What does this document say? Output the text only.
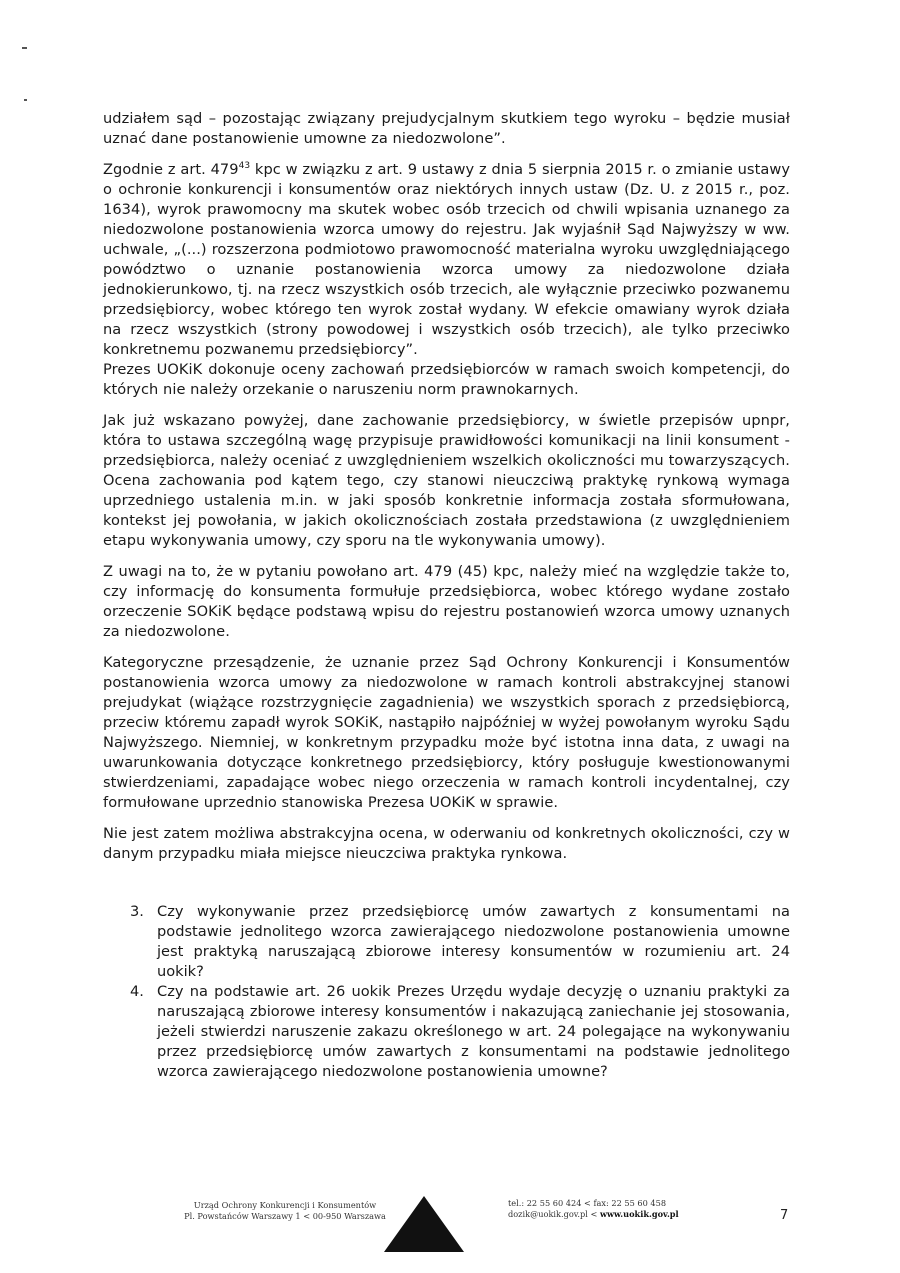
udziałem sąd – pozostając związany prejudycjalnym skutkiem tego wyroku – będzie musiał uznać dane postanowienie umowne za niedozwolone”.

Zgodnie z art. $479^{43}$ kpc w związku z art. 9 ustawy z dnia 5 sierpnia 2015 r. o zmianie ustawy o ochronie konkurencji i konsumentów oraz niektórych innych ustaw (Dz. U. z 2015 r., poz. 1634), wyrok prawomocny ma skutek wobec osób trzecich od chwili wpisania uznanego za niedozwolone postanowienia wzorca umowy do rejestru. Jak wyjaśnił Sąd Najwyższy w ww. uchwale, „(...) rozszerzona podmiotowo prawomocność materialna wyroku uwzględniającego powództwo o uznanie postanowienia wzorca umowy za niedozwolone działa jednokierunkowo, tj. na rzecz wszystkich osób trzecich, ale wyłącznie przeciwko pozwanemu przedsiębiorcy, wobec którego ten wyrok został wydany. W efekcie omawiany wyrok działa na rzecz wszystkich (strony powodowej i wszystkich osób trzecich), ale tylko przeciwko konkretnemu pozwanemu przedsiębiorcy”.

Prezes UOKiK dokonuje oceny zachowań przedsiębiorców w ramach swoich kompetencji, do których nie należy orzekanie o naruszeniu norm prawnokarnych.

Jak już wskazano powyżej, dane zachowanie przedsiębiorcy, w świetle przepisów upnpr, która to ustawa szczególną wagę przypisuje prawidłowości komunikacji na linii konsument - przedsiębiorca, należy oceniać z uwzględnieniem wszelkich okoliczności mu towarzyszących. Ocena zachowania pod kątem tego, czy stanowi nieuczciwą praktykę rynkową wymaga uprzedniego ustalenia m.in. w jaki sposób konkretnie informacja została sformułowana, kontekst jej powołania, w jakich okolicznościach została przedstawiona (z uwzględnieniem etapu wykonywania umowy, czy sporu na tle wykonywania umowy).

Z uwagi na to, że w pytaniu powołano art. 479 (45) kpc, należy mieć na względzie także to, czy informację do konsumenta formułuje przedsiębiorca, wobec którego wydane zostało orzeczenie SOKiK będące podstawą wpisu do rejestru postanowień wzorca umowy uznanych za niedozwolone.

Kategoryczne przesądzenie, że uznanie przez Sąd Ochrony Konkurencji i Konsumentów postanowienia wzorca umowy za niedozwolone w ramach kontroli abstrakcyjnej stanowi prejudykat (wiążące rozstrzygnięcie zagadnienia) we wszystkich sporach z przedsiębiorcą, przeciw któremu zapadł wyrok SOKiK, nastąpiło najpóźniej w wyżej powołanym wyroku Sądu Najwyższego. Niemniej, w konkretnym przypadku może być istotna inna data, z uwagi na uwarunkowania dotyczące konkretnego przedsiębiorcy, który posługuje kwestionowanymi stwierdzeniami, zapadające wobec niego orzeczenia w ramach kontroli incydentalnej, czy formułowane uprzednio stanowiska Prezesa UOKiK w sprawie.

Nie jest zatem możliwa abstrakcyjna ocena, w oderwaniu od konkretnych okoliczności, czy w danym przypadku miała miejsce nieuczciwa praktyka rynkowa.

3. Czy wykonywanie przez przedsiębiorcę umów zawartych z konsumentami na podstawie jednolitego wzorca zawierającego niedozwolone postanowienia umowne jest praktyką naruszającą zbiorowe interesy konsumentów w rozumieniu art. 24 uokik?
4. Czy na podstawie art. 26 uokik Prezes Urzędu wydaje decyzję o uznaniu praktyki za naruszającą zbiorowe interesy konsumentów i nakazującą zaniechanie jej stosowania, jeżeli stwierdzi naruszenie zakazu określonego w art. 24 polegające na wykonywaniu przez przedsiębiorcę umów zawartych z konsumentami na podstawie jednolitego wzorca zawierającego niedozwolone postanowienia umowne?
Urząd Ochrony Konkurencji i Konsumentów
Pl. Powstańców Warszawy 1 < 00-950 Warszawa
tel.: 22 55 60 424 < fax: 22 55 60 458
dozik@uokik.gov.pl < www.uokik.gov.pl	7
